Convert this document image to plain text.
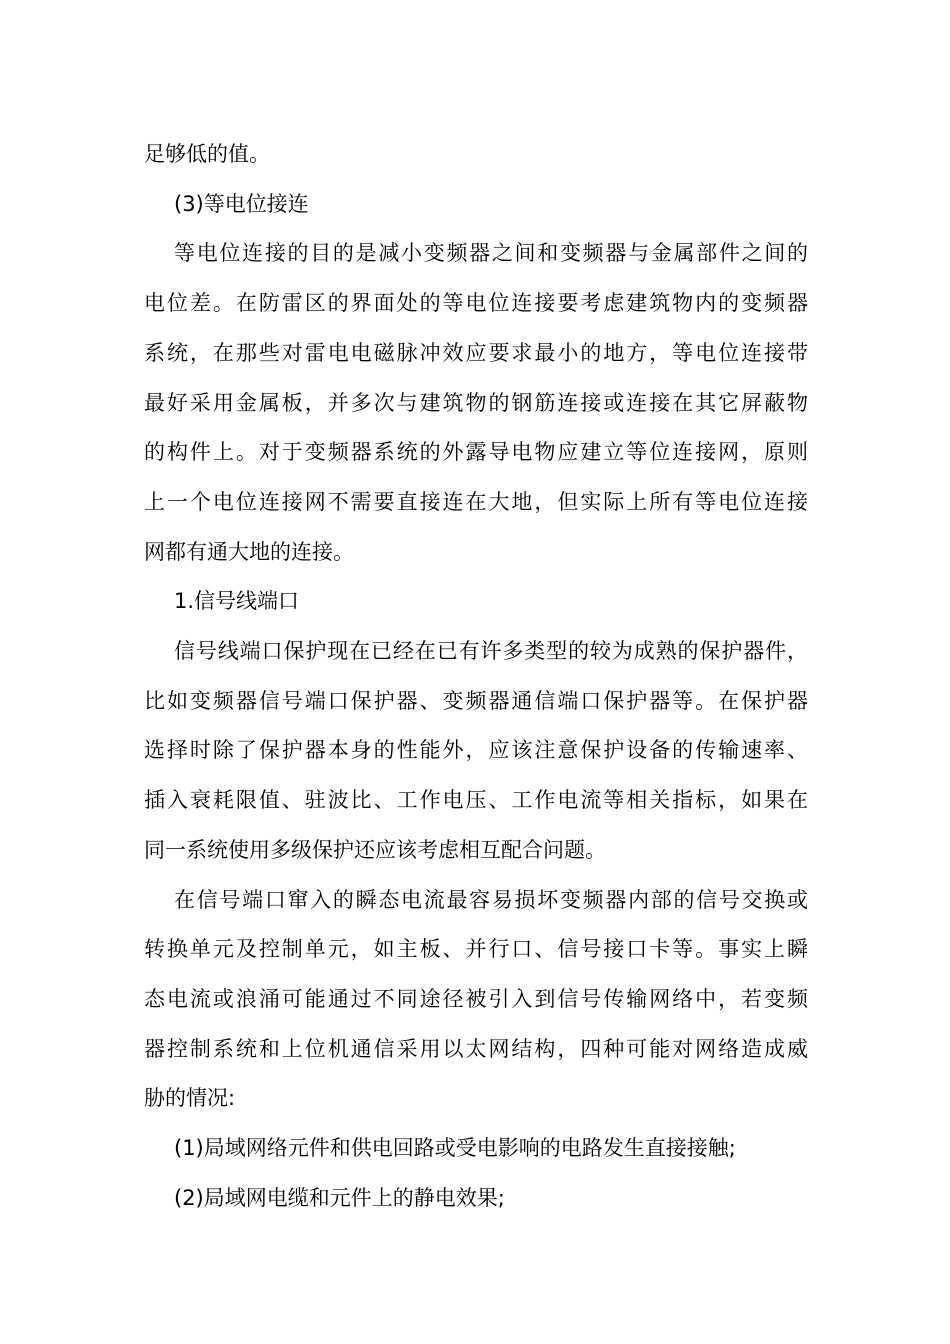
足够低的值。

(3)等电位接连

等电位连接的目的是减小变频器之间和变频器与金属部件之间的
电位差。在防雷区的界面处的等电位连接要考虑建筑物内的变频器
系统，在那些对雷电电磁脉冲效应要求最小的地方，等电位连接带
最好采用金属板，并多次与建筑物的钢筋连接或连接在其它屏蔽物
的构件上。对于变频器系统的外露导电物应建立等位连接网，原则
上一个电位连接网不需要直接连在大地，但实际上所有等电位连接
网都有通大地的连接。

1.信号线端口

信号线端口保护现在已经在已有许多类型的较为成熟的保护器件，
比如变频器信号端口保护器、变频器通信端口保护器等。在保护器
选择时除了保护器本身的性能外，应该注意保护设备的传输速率、
插入衰耗限值、驻波比、工作电压、工作电流等相关指标，如果在
同一系统使用多级保护还应该考虑相互配合问题。

在信号端口窜入的瞬态电流最容易损坏变频器内部的信号交换或
转换单元及控制单元，如主板、并行口、信号接口卡等。事实上瞬
态电流或浪涌可能通过不同途径被引入到信号传输网络中，若变频
器控制系统和上位机通信采用以太网结构，四种可能对网络造成威
胁的情况:

(1)局域网络元件和供电回路或受电影响的电路发生直接接触;

(2)局域网电缆和元件上的静电效果;
